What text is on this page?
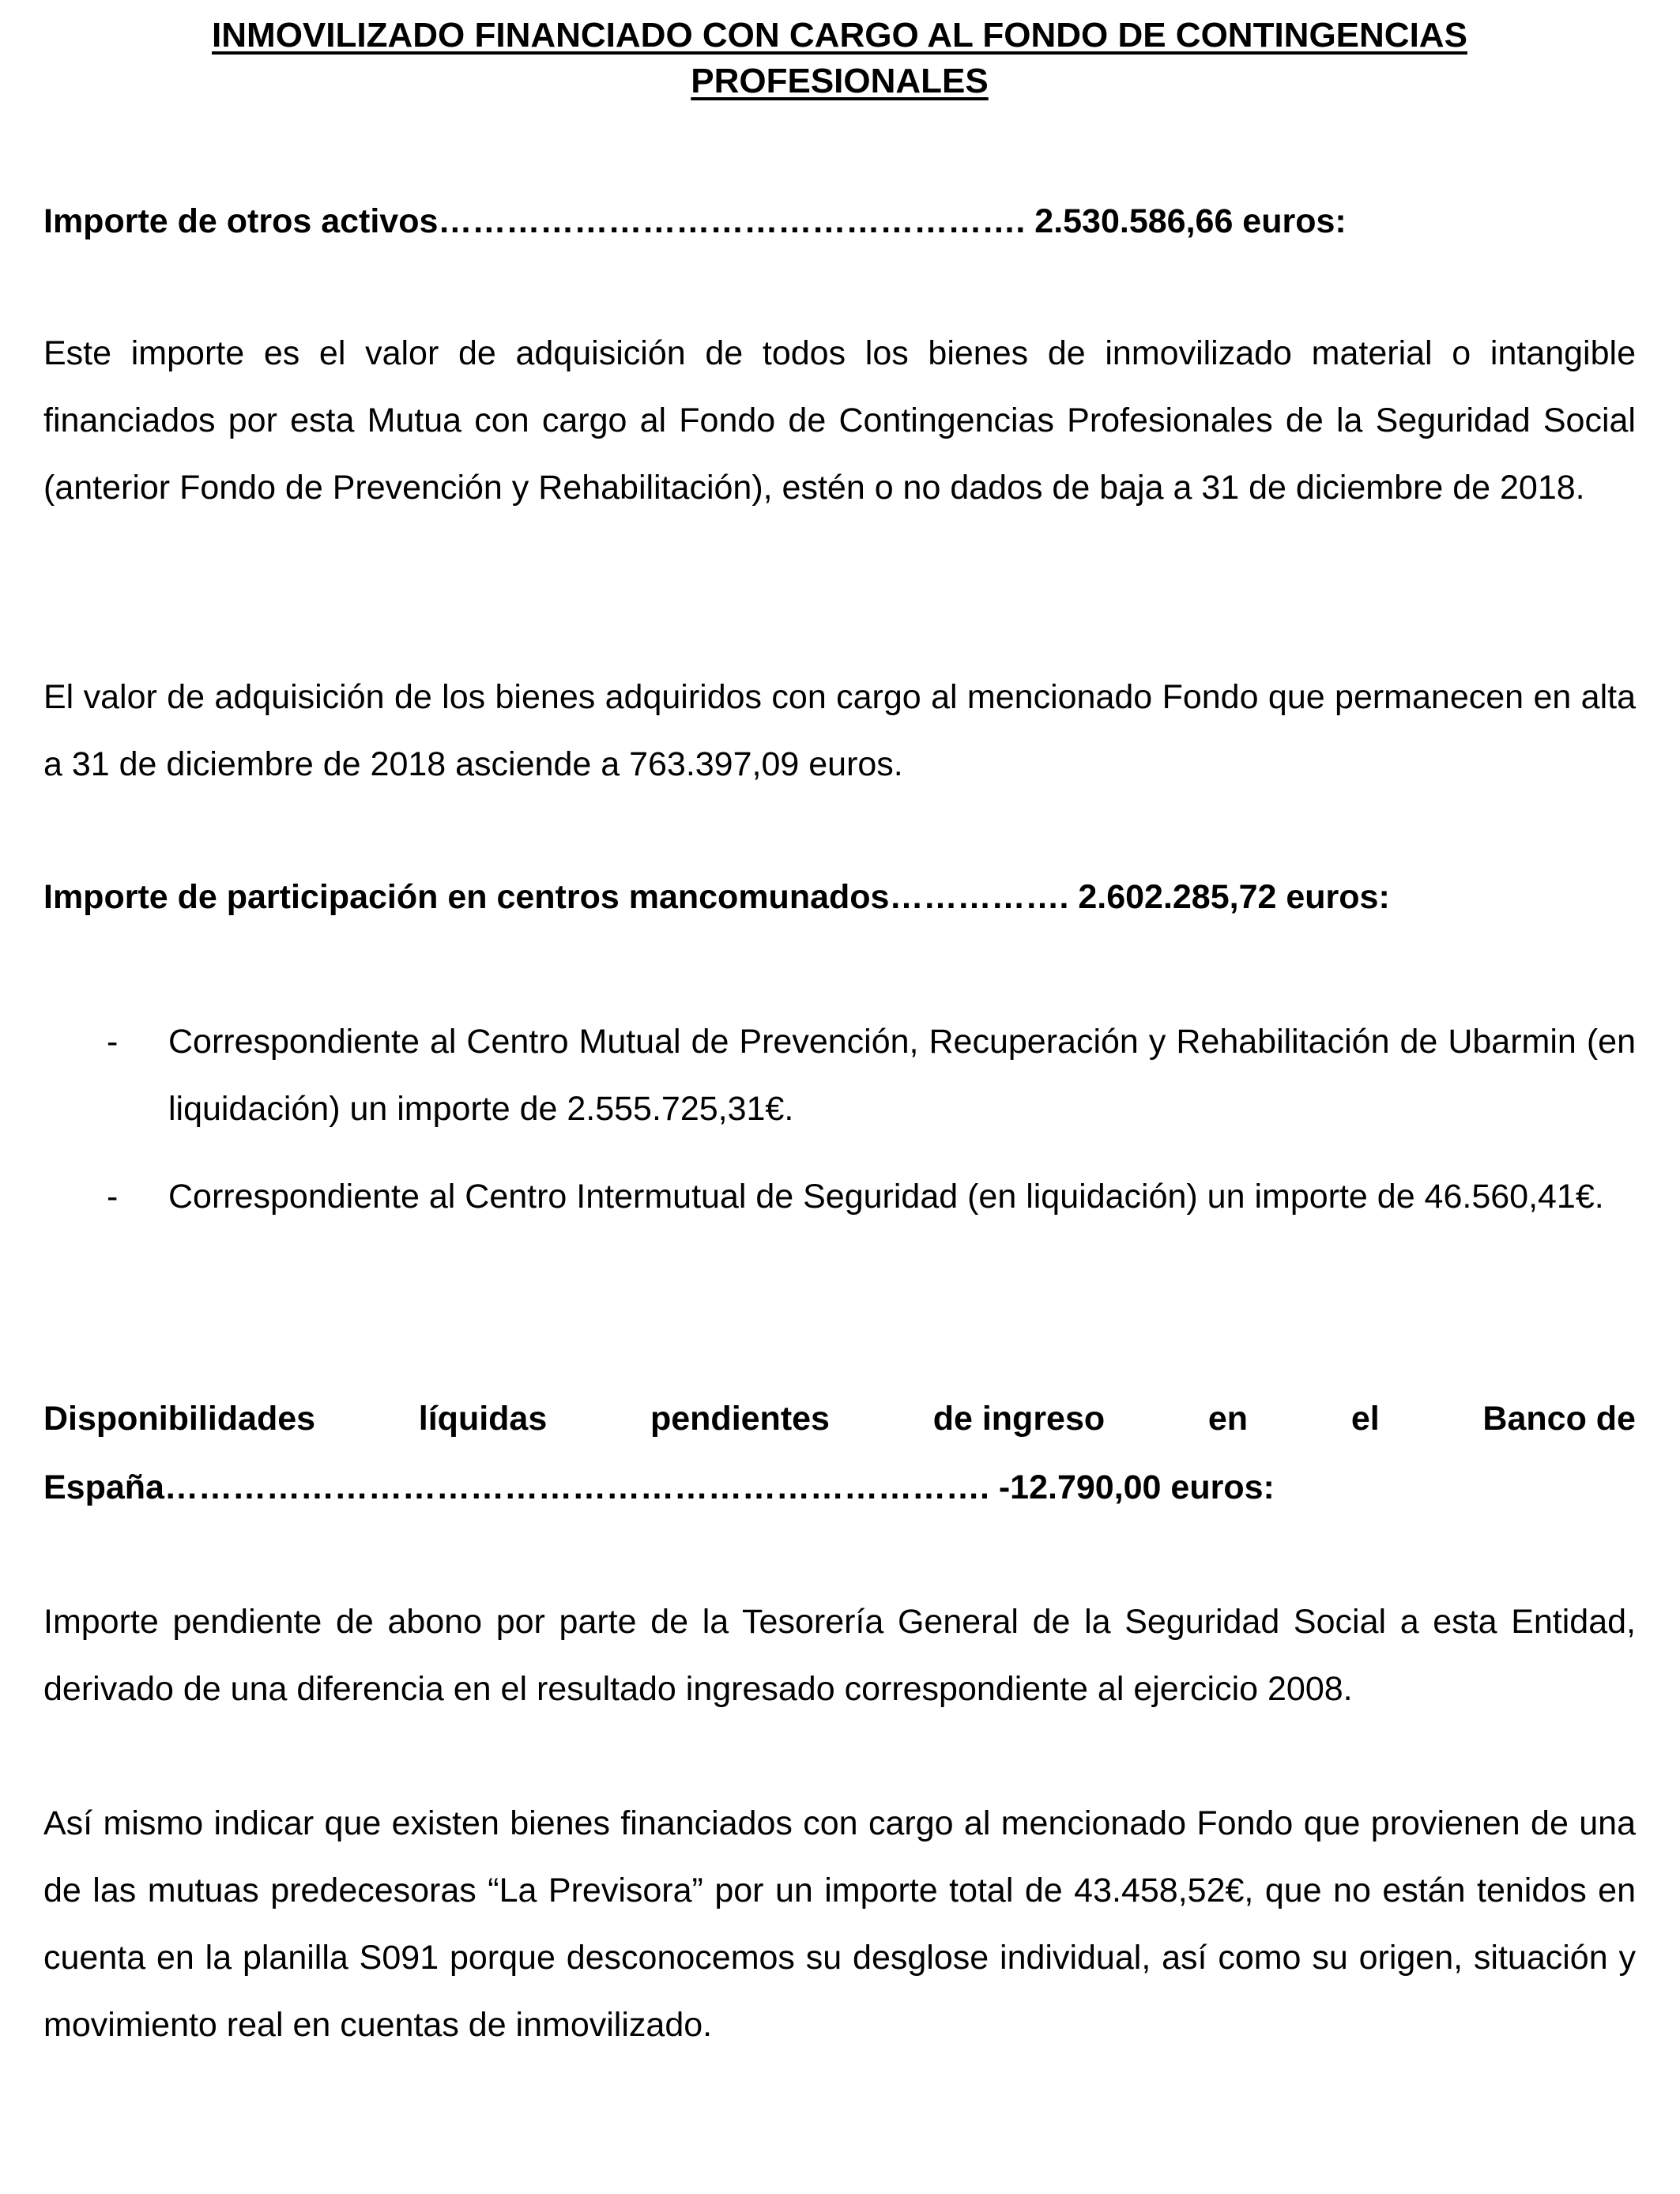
INMOVILIZADO FINANCIADO CON CARGO AL FONDO DE CONTINGENCIAS
PROFESIONALES
Importe de otros activos……………………………………………. 2.530.586,66 euros:
Este importe es el valor de adquisición de todos los bienes de inmovilizado material o intangible financiados por esta Mutua con cargo al Fondo de Contingencias Profesionales de la Seguridad Social (anterior Fondo de Prevención y Rehabilitación), estén o no dados de baja a 31 de diciembre de 2018.
El valor de adquisición de los bienes adquiridos con cargo al mencionado Fondo que permanecen en alta a 31 de diciembre de 2018 asciende a 763.397,09 euros.
Importe de participación en centros mancomunados……………. 2.602.285,72 euros:
- Correspondiente al Centro Mutual de Prevención, Recuperación y Rehabilitación de Ubarmin (en liquidación) un importe de 2.555.725,31€.
- Correspondiente al Centro Intermutual de Seguridad (en liquidación) un importe de 46.560,41€.
Disponibilidades	líquidas	pendientes	de ingreso	en	el	Banco de
España………………………………………………………………. -12.790,00 euros:
Importe pendiente de abono por parte de la Tesorería General de la Seguridad Social a esta Entidad, derivado de una diferencia en el resultado ingresado correspondiente al ejercicio 2008.
Así mismo indicar que existen bienes financiados con cargo al mencionado Fondo que provienen de una de las mutuas predecesoras “La Previsora” por un importe total de 43.458,52€, que no están tenidos en cuenta en la planilla S091 porque desconocemos su desglose individual, así como su origen, situación y movimiento real en cuentas de inmovilizado.
